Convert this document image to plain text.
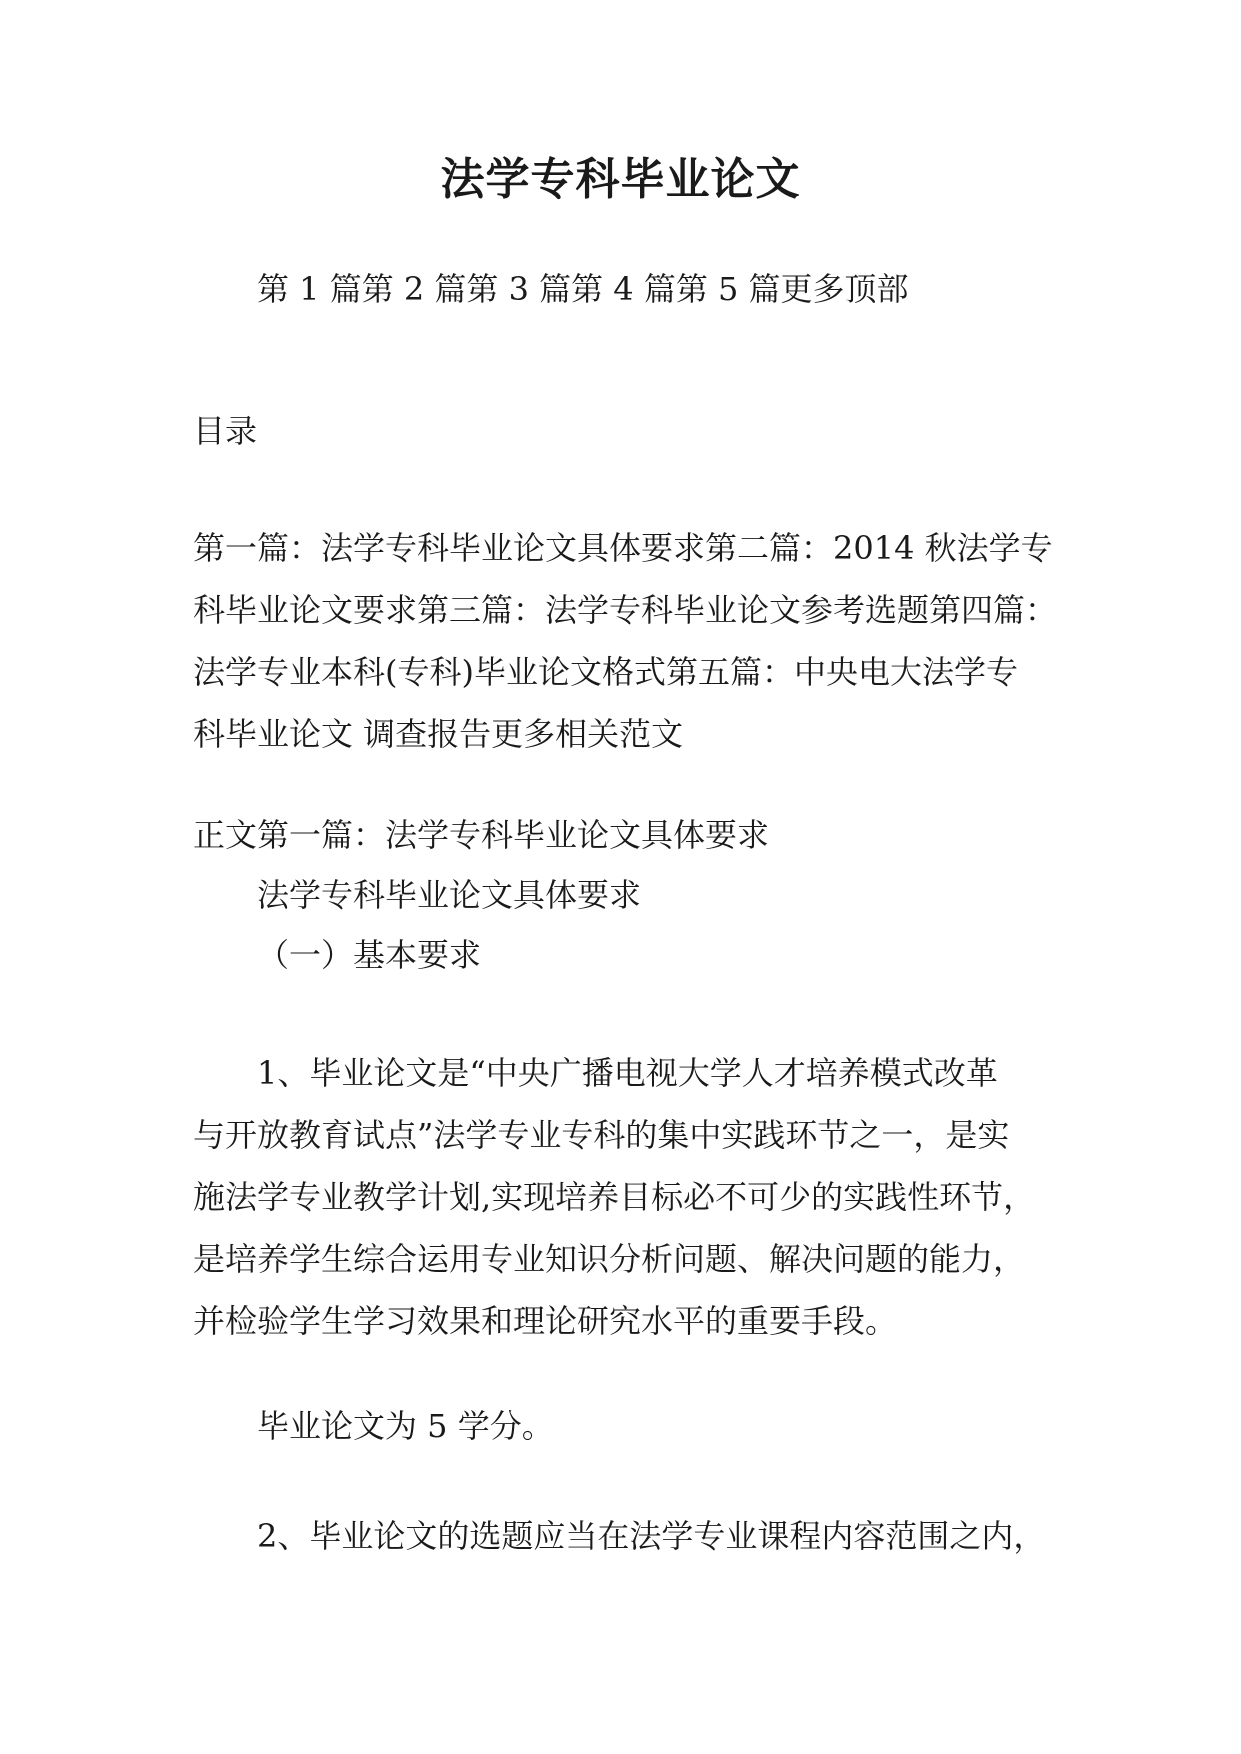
法学专科毕业论文
第 1 篇第 2 篇第 3 篇第 4 篇第 5 篇更多顶部
目录
第一篇：法学专科毕业论文具体要求第二篇：2014 秋法学专
科毕业论文要求第三篇：法学专科毕业论文参考选题第四篇：
法学专业本科(专科)毕业论文格式第五篇：中央电大法学专
科毕业论文 调查报告更多相关范文
正文第一篇：法学专科毕业论文具体要求
法学专科毕业论文具体要求
（一）基本要求
1、毕业论文是“中央广播电视大学人才培养模式改革
与开放教育试点”法学专业专科的集中实践环节之一，是实
施法学专业教学计划,实现培养目标必不可少的实践性环节，
是培养学生综合运用专业知识分析问题、解决问题的能力，
并检验学生学习效果和理论研究水平的重要手段。
毕业论文为 5 学分。
2、毕业论文的选题应当在法学专业课程内容范围之内，
